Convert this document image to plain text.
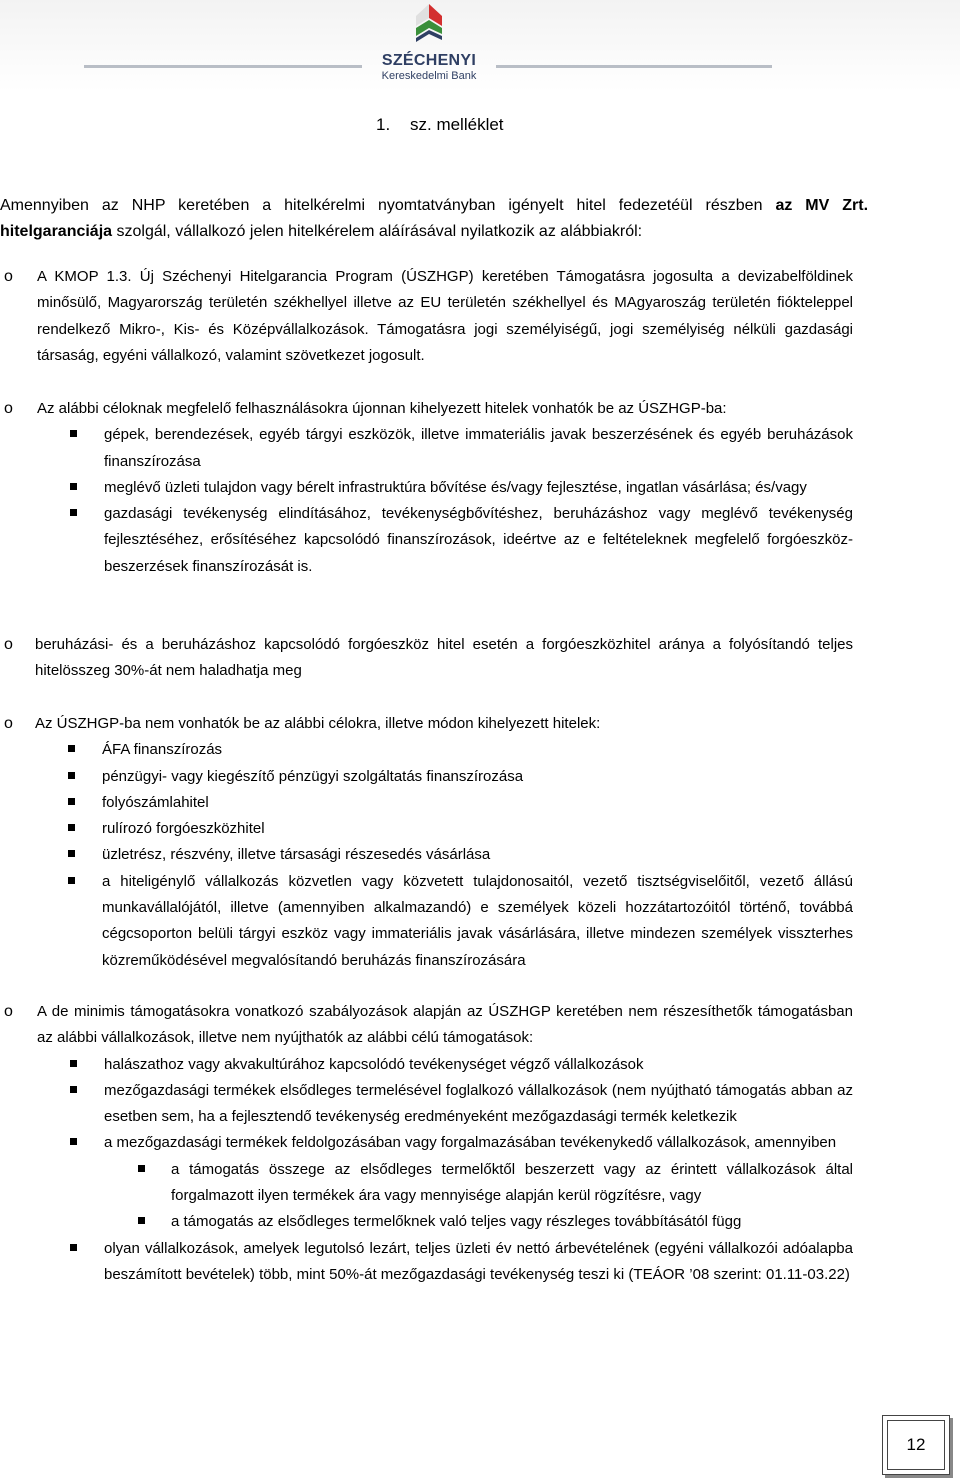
SZÉCHENYI
Kereskedelmi Bank
1. sz. melléklet
Amennyiben az NHP keretében a hitelkérelmi nyomtatványban igényelt hitel fedezetéül részben az MV Zrt. hitelgaranciája szolgál, vállalkozó jelen hitelkérelem aláírásával nyilatkozik az alábbiakról:
o A KMOP 1.3. Új Széchenyi Hitelgarancia Program (ÚSZHGP) keretében Támogatásra jogosulta a devizabelföldinek minősülő, Magyarország területén székhellyel illetve az EU területén székhellyel és MAgyaroszág területén fiókteleppel rendelkező Mikro-, Kis- és Középvállalkozások. Támogatásra jogi személyiségű, jogi személyiség nélküli gazdasági társaság, egyéni vállalkozó, valamint szövetkezet jogosult.
o Az alábbi céloknak megfelelő felhasználásokra újonnan kihelyezett hitelek vonhatók be az ÚSZHGP-ba:
gépek, berendezések, egyéb tárgyi eszközök, illetve immateriális javak beszerzésének és egyéb beruházások finanszírozása
meglévő üzleti tulajdon vagy bérelt infrastruktúra bővítése és/vagy fejlesztése, ingatlan vásárlása; és/vagy
gazdasági tevékenység elindításához, tevékenységbővítéshez, beruházáshoz vagy meglévő tevékenység fejlesztéséhez, erősítéséhez kapcsolódó finanszírozások, ideértve az e feltételeknek megfelelő forgóeszköz-beszerzések finanszírozását is.
o beruházási- és a beruházáshoz kapcsolódó forgóeszköz hitel esetén a forgóeszközhitel aránya a folyósítandó teljes hitelösszeg 30%-át nem haladhatja meg
o Az ÚSZHGP-ba nem vonhatók be az alábbi célokra, illetve módon kihelyezett hitelek:
ÁFA finanszírozás
pénzügyi- vagy kiegészítő pénzügyi szolgáltatás finanszírozása
folyószámlahitel
rulírozó forgóeszközhitel
üzletrész, részvény, illetve társasági részesedés vásárlása
a hiteligénylő vállalkozás közvetlen vagy közvetett tulajdonosaitól, vezető tisztségviselőitől, vezető állású munkavállalójától, illetve (amennyiben alkalmazandó) e személyek közeli hozzátartozóitól történő, továbbá cégcsoporton belüli tárgyi eszköz vagy immateriális javak vásárlására, illetve mindezen személyek visszterhes közreműködésével megvalósítandó beruházás finanszírozására
o A de minimis támogatásokra vonatkozó szabályozások alapján az ÚSZHGP keretében nem részesíthetők támogatásban az alábbi vállalkozások, illetve nem nyújthatók az alábbi célú támogatások:
halászathoz vagy akvakultúrához kapcsolódó tevékenységet végző vállalkozások
mezőgazdasági termékek elsődleges termelésével foglalkozó vállalkozások (nem nyújtható támogatás abban az esetben sem, ha a fejlesztendő tevékenység eredményeként mezőgazdasági termék keletkezik
a mezőgazdasági termékek feldolgozásában vagy forgalmazásában tevékenykedő vállalkozások, amennyiben
a támogatás összege az elsődleges termelőktől beszerzett vagy az érintett vállalkozások által forgalmazott ilyen termékek ára vagy mennyisége alapján kerül rögzítésre, vagy
a támogatás az elsődleges termelőknek való teljes vagy részleges továbbításától függ
olyan vállalkozások, amelyek legutolsó lezárt, teljes üzleti év nettó árbevételének (egyéni vállalkozói adóalapba beszámított bevételek) több, mint 50%-át mezőgazdasági tevékenység teszi ki (TEÁOR ’08 szerint: 01.11-03.22)
12
